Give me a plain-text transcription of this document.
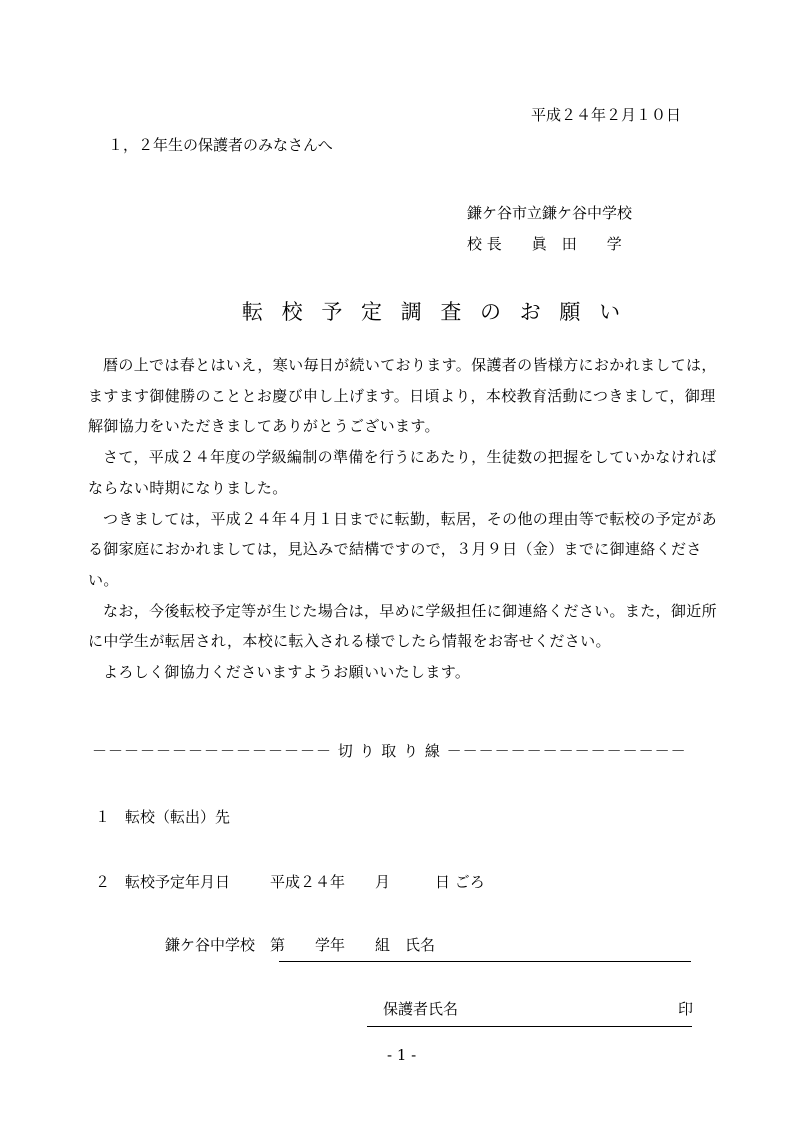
平成２４年２月１０日
１，２年生の保護者のみなさんへ
鎌ケ谷市立鎌ケ谷中学校
校 長　　眞　田　　学
転 校 予 定 調 査 の お 願 い

暦の上では春とはいえ，寒い毎日が続いております。保護者の皆様方におかれましては，ますます御健勝のこととお慶び申し上げます。日頃より，本校教育活動につきまして，御理解御協力をいただきましてありがとうございます。

さて，平成２４年度の学級編制の準備を行うにあたり，生徒数の把握をしていかなければならない時期になりました。

つきましては，平成２４年４月１日までに転勤，転居，その他の理由等で転校の予定がある御家庭におかれましては，見込みで結構ですので，３月９日（金）までに御連絡ください。

なお，今後転校予定等が生じた場合は，早めに学級担任に御連絡ください。また，御近所に中学生が転居され，本校に転入される様でしたら情報をお寄せください。

よろしく御協力くださいますようお願いいたします。

－－－－－－－－－－－－－－－ 切 り 取 り 線 －－－－－－－－－－－－－－－
１　転校（転出）先
２　転校予定年月日	平成２４年　　月　　　日 ごろ
鎌ケ谷中学校　第　　学年　　組　氏名
保護者氏名	印
- 1 -
